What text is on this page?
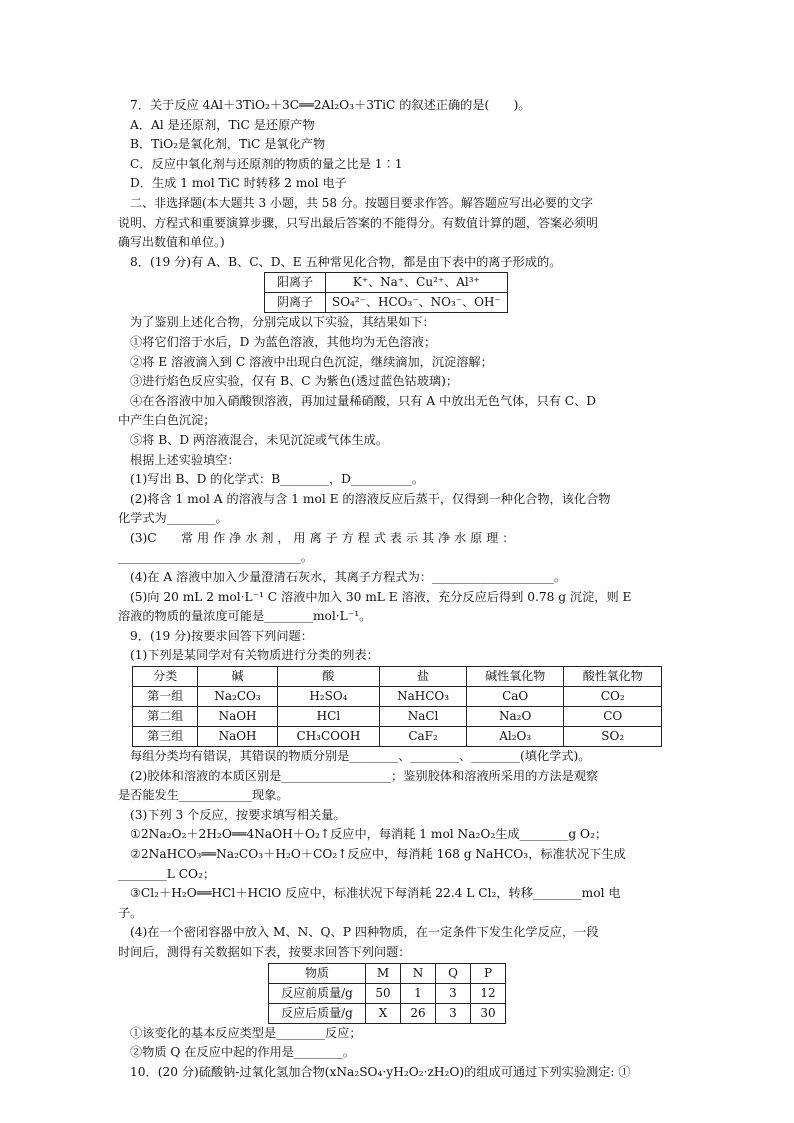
7．关于反应 4Al＋3TiO₂＋3C══2Al₂O₃＋3TiC 的叙述正确的是(　　)。
A．Al 是还原剂，TiC 是还原产物
B．TiO₂是氧化剂，TiC 是氧化产物
C．反应中氧化剂与还原剂的物质的量之比是 1∶1
D．生成 1 mol TiC 时转移 2 mol 电子
二、非选择题(本大题共 3 小题，共 58 分。按题目要求作答。解答题应写出必要的文字
说明、方程式和重要演算步骤，只写出最后答案的不能得分。有数值计算的题，答案必须明
确写出数值和单位。)
8．(19 分)有 A、B、C、D、E 五种常见化合物，都是由下表中的离子形成的。
阳离子	K⁺、Na⁺、Cu²⁺、Al³⁺
阴离子	SO₄²⁻、HCO₃⁻、NO₃⁻、OH⁻
为了鉴别上述化合物，分别完成以下实验，其结果如下：
①将它们溶于水后，D 为蓝色溶液，其他均为无色溶液；
②将 E 溶液滴入到 C 溶液中出现白色沉淀，继续滴加，沉淀溶解；
③进行焰色反应实验，仅有 B、C 为紫色(透过蓝色钴玻璃)；
④在各溶液中加入硝酸钡溶液，再加过量稀硝酸，只有 A 中放出无色气体，只有 C、D
中产生白色沉淀；
⑤将 B、D 两溶液混合，未见沉淀或气体生成。
根据上述实验填空：
(1)写出 B、D 的化学式：B________，D__________。
(2)将含 1 mol A 的溶液与含 1 mol E 的溶液反应后蒸干，仅得到一种化合物，该化合物
化学式为________。
(3)C　　常 用 作 净 水 剂 ， 用 离 子 方 程 式 表 示 其 净 水 原 理 ：
______________________________。
(4)在 A 溶液中加入少量澄清石灰水，其离子方程式为：____________________。
(5)向 20 mL 2 mol·L⁻¹ C 溶液中加入 30 mL E 溶液，充分反应后得到 0.78 g 沉淀，则 E
溶液的物质的量浓度可能是________mol·L⁻¹。
9．(19 分)按要求回答下列问题：
(1)下列是某同学对有关物质进行分类的列表：
分类	碱	酸	盐	碱性氧化物	酸性氧化物
第一组	Na₂CO₃	H₂SO₄	NaHCO₃	CaO	CO₂
第二组	NaOH	HCl	NaCl	Na₂O	CO
第三组	NaOH	CH₃COOH	CaF₂	Al₂O₃	SO₂
每组分类均有错误，其错误的物质分别是________、________、________(填化学式)。
(2)胶体和溶液的本质区别是__________________；鉴别胶体和溶液所采用的方法是观察
是否能发生____________现象。
(3)下列 3 个反应，按要求填写相关量。
①2Na₂O₂＋2H₂O══4NaOH＋O₂↑反应中，每消耗 1 mol Na₂O₂生成________g O₂；
②2NaHCO₃══Na₂CO₃＋H₂O＋CO₂↑反应中，每消耗 168 g NaHCO₃，标准状况下生成
________L CO₂；
③Cl₂＋H₂O══HCl＋HClO 反应中，标准状况下每消耗 22.4 L Cl₂，转移________mol 电
子。
(4)在一个密闭容器中放入 M、N、Q、P 四种物质，在一定条件下发生化学反应，一段
时间后，测得有关数据如下表，按要求回答下列问题：
物质	M	N	Q	P
反应前质量/g	50	1	3	12
反应后质量/g	X	26	3	30
①该变化的基本反应类型是________反应；
②物质 Q 在反应中起的作用是________。
10．(20 分)硫酸钠-过氧化氢加合物(xNa₂SO₄·yH₂O₂·zH₂O)的组成可通过下列实验测定: ①
